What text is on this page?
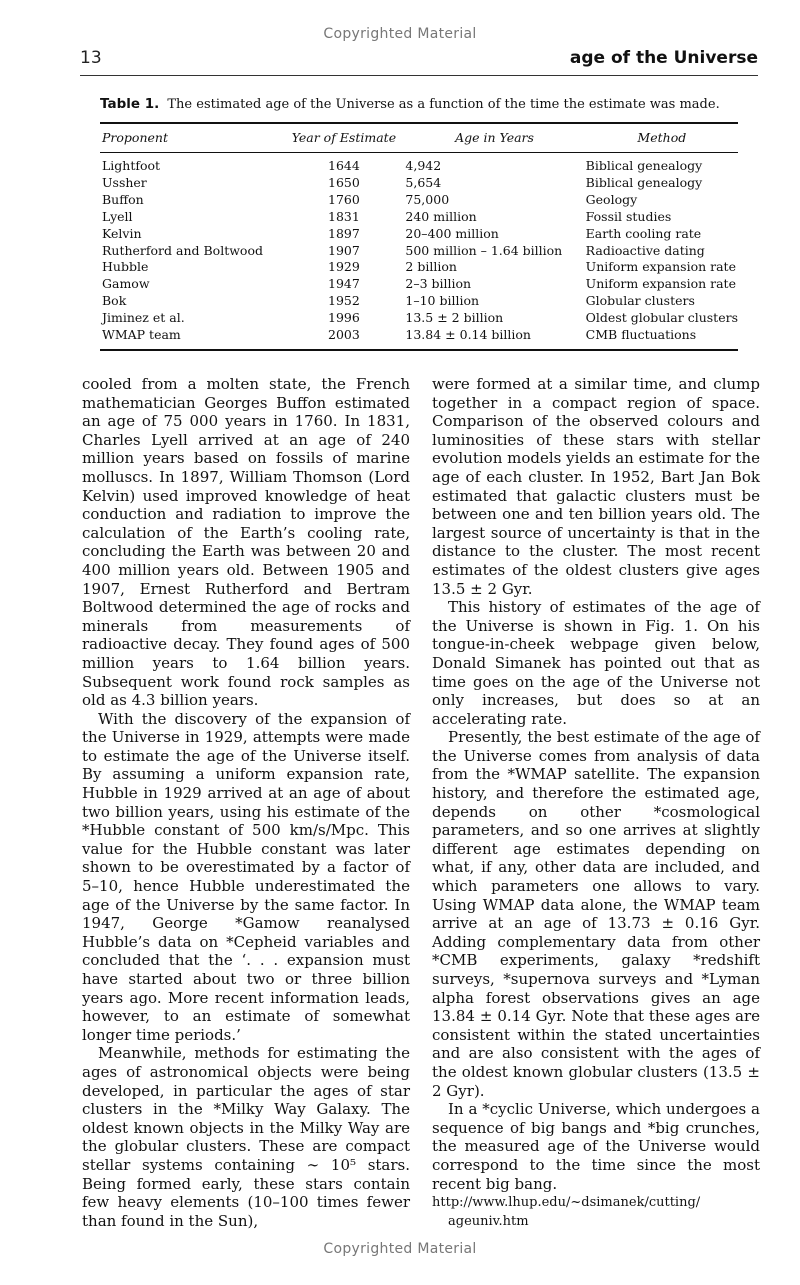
Copyrighted Material
13	age of the Universe
Table 1. The estimated age of the Universe as a function of the time the estimate was made.
Proponent	Year of Estimate	Age in Years	Method
Lightfoot	1644	4,942	Biblical genealogy
Ussher	1650	5,654	Biblical genealogy
Buffon	1760	75,000	Geology
Lyell	1831	240 million	Fossil studies
Kelvin	1897	20–400 million	Earth cooling rate
Rutherford and Boltwood	1907	500 million – 1.64 billion	Radioactive dating
Hubble	1929	2 billion	Uniform expansion rate
Gamow	1947	2–3 billion	Uniform expansion rate
Bok	1952	1–10 billion	Globular clusters
Jiminez et al.	1996	13.5 ± 2 billion	Oldest globular clusters
WMAP team	2003	13.84 ± 0.14 billion	CMB fluctuations

cooled from a molten state, the French mathematician Georges Buffon estimated an age of 75 000 years in 1760. In 1831, Charles Lyell arrived at an age of 240 million years based on fossils of marine molluscs. In 1897, William Thomson (Lord Kelvin) used improved knowledge of heat conduction and radiation to improve the calculation of the Earth’s cooling rate, concluding the Earth was between 20 and 400 million years old. Between 1905 and 1907, Ernest Rutherford and Bertram Boltwood determined the age of rocks and minerals from measurements of radioactive decay. They found ages of 500 million years to 1.64 billion years. Subsequent work found rock samples as old as 4.3 billion years.

With the discovery of the expansion of the Universe in 1929, attempts were made to estimate the age of the Universe itself. By assuming a uniform expansion rate, Hubble in 1929 arrived at an age of about two billion years, using his estimate of the *Hubble constant of 500 km/s/Mpc. This value for the Hubble constant was later shown to be overestimated by a factor of 5–10, hence Hubble underestimated the age of the Universe by the same factor. In 1947, George *Gamow reanalysed Hubble’s data on *Cepheid variables and concluded that the ‘. . . expansion must have started about two or three billion years ago. More recent information leads, however, to an estimate of somewhat longer time periods.’

Meanwhile, methods for estimating the ages of astronomical objects were being developed, in particular the ages of star clusters in the *Milky Way Galaxy. The oldest known objects in the Milky Way are the globular clusters. These are compact stellar systems containing ∼ 10⁵ stars. Being formed early, these stars contain few heavy elements (10–100 times fewer than found in the Sun),

were formed at a similar time, and clump together in a compact region of space. Comparison of the observed colours and luminosities of these stars with stellar evolution models yields an estimate for the age of each cluster. In 1952, Bart Jan Bok estimated that galactic clusters must be between one and ten billion years old. The largest source of uncertainty is that in the distance to the cluster. The most recent estimates of the oldest clusters give ages 13.5 ± 2 Gyr.

This history of estimates of the age of the Universe is shown in Fig. 1. On his tongue-in-cheek webpage given below, Donald Simanek has pointed out that as time goes on the age of the Universe not only increases, but does so at an accelerating rate.

Presently, the best estimate of the age of the Universe comes from analysis of data from the *WMAP satellite. The expansion history, and therefore the estimated age, depends on other *cosmological parameters, and so one arrives at slightly different age estimates depending on what, if any, other data are included, and which parameters one allows to vary. Using WMAP data alone, the WMAP team arrive at an age of 13.73 ± 0.16 Gyr. Adding complementary data from other *CMB experiments, galaxy *redshift surveys, *supernova surveys and *Lyman alpha forest observations gives an age 13.84 ± 0.14 Gyr. Note that these ages are consistent within the stated uncertainties and are also consistent with the ages of the oldest known globular clusters (13.5 ± 2 Gyr).

In a *cyclic Universe, which undergoes a sequence of big bangs and *big crunches, the measured age of the Universe would correspond to the time since the most recent big bang.

http://www.lhup.edu/~dsimanek/cutting/
ageuniv.htm
Copyrighted Material
